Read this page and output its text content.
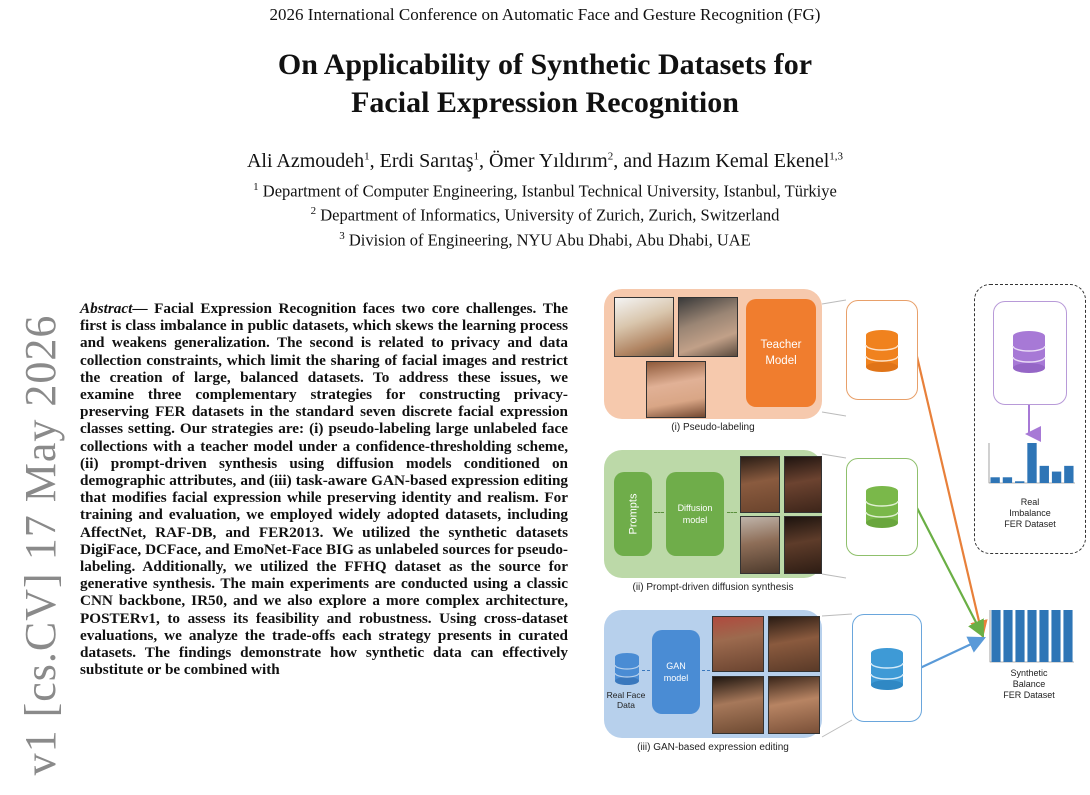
2026 International Conference on Automatic Face and Gesture Recognition (FG)
On Applicability of Synthetic Datasets for
Facial Expression Recognition
Ali Azmoudeh$^1$, Erdi Sarıtaş$^1$, Ömer Yıldırım$^2$, and Hazım Kemal Ekenel$^{1,3}$
$^1$ Department of Computer Engineering, Istanbul Technical University, Istanbul, Türkiye
$^2$ Department of Informatics, University of Zurich, Zurich, Switzerland
$^3$ Division of Engineering, NYU Abu Dhabi, Abu Dhabi, UAE
v1 [cs.CV] 17 May 2026
Abstract— Facial Expression Recognition faces two core challenges. The first is class imbalance in public datasets, which skews the learning process and weakens generalization. The second is related to privacy and data collection constraints, which limit the sharing of facial images and restrict the creation of large, balanced datasets. To address these issues, we examine three complementary strategies for constructing privacy-preserving FER datasets in the standard seven discrete facial expression classes setting. Our strategies are: (i) pseudo-labeling large unlabeled face collections with a teacher model under a confidence-thresholding scheme, (ii) prompt-driven synthesis using diffusion models conditioned on demographic attributes, and (iii) task-aware GAN-based expression editing that modifies facial expression while preserving identity and realism. For training and evaluation, we employed widely adopted datasets, including AffectNet, RAF-DB, and FER2013. We utilized the synthetic datasets DigiFace, DCFace, and EmoNet-Face BIG as unlabeled sources for pseudo-labeling. Additionally, we utilized the FFHQ dataset as the source for generative synthesis. The main experiments are conducted using a classic CNN backbone, IR50, and we also explore a more complex architecture, POSTERv1, to assess its feasibility and robustness. Using cross-dataset evaluations, we analyze the trade-offs each strategy presents in curated datasets. The findings demonstrate how synthetic data can effectively substitute or be combined with
Teacher
Model
(i) Pseudo-labeling
Prompts	Diffusion
model
(ii) Prompt-driven diffusion synthesis
Real Face
Data
GAN
model
(iii) GAN-based expression editing
Real
Imbalance
FER Dataset
Synthetic
Balance
FER Dataset
